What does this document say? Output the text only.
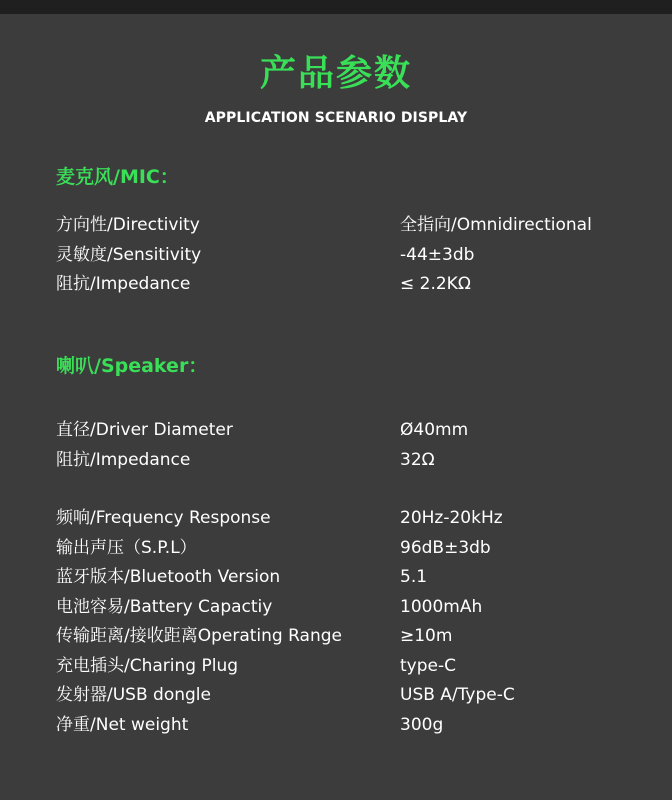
产品参数
APPLICATION SCENARIO DISPLAY
麦克风/MIC：
方向性/Directivity	全指向/Omnidirectional
灵敏度/Sensitivity	-44±3db
阻抗/Impedance	≤ 2.2KΩ
喇叭/Speaker：
直径/Driver Diameter	Ø40mm
阻抗/Impedance	32Ω
频响/Frequency Response	20Hz-20kHz
输出声压（S.P.L）	96dB±3db
蓝牙版本/Bluetooth Version	5.1
电池容易/Battery Capactiy	1000mAh
传输距离/接收距离Operating Range	≥10m
充电插头/Charing Plug	type-C
发射器/USB dongle	USB A/Type-C
净重/Net weight	300g
